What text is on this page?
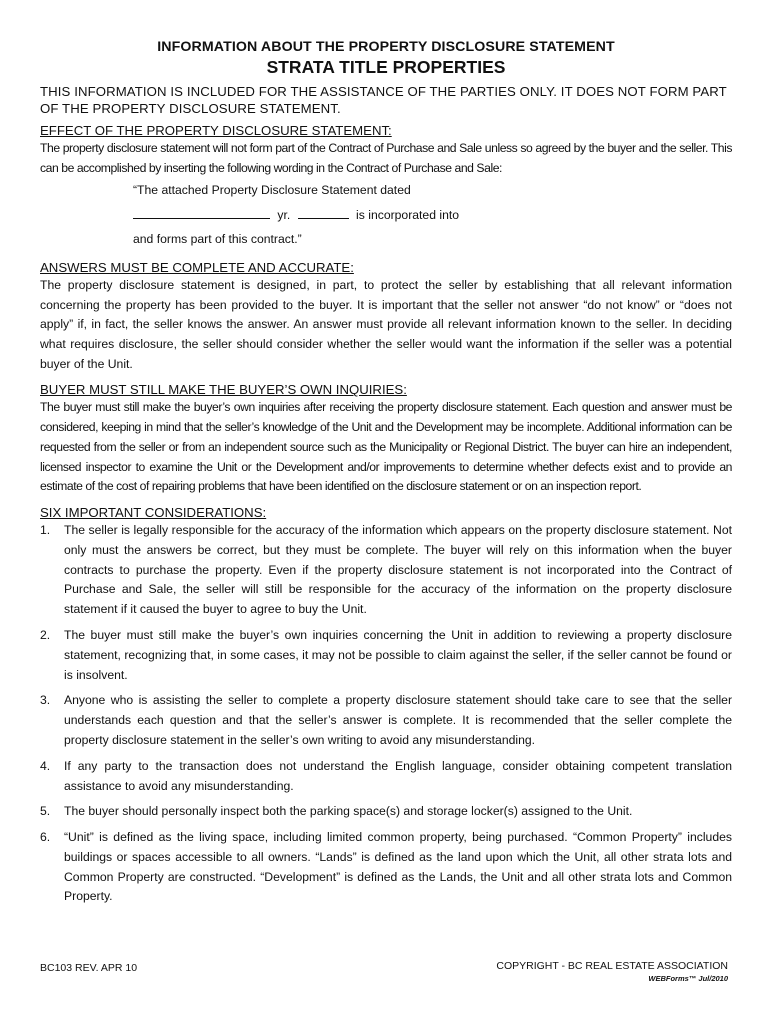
INFORMATION ABOUT THE PROPERTY DISCLOSURE STATEMENT
STRATA TITLE PROPERTIES

THIS INFORMATION IS INCLUDED FOR THE ASSISTANCE OF THE PARTIES ONLY. IT DOES NOT FORM PART OF THE PROPERTY DISCLOSURE STATEMENT.

EFFECT OF THE PROPERTY DISCLOSURE STATEMENT:

The property disclosure statement will not form part of the Contract of Purchase and Sale unless so agreed by the buyer and the seller. This can be accomplished by inserting the following wording in the Contract of Purchase and Sale:

“The attached Property Disclosure Statement dated
yr.	is incorporated into
and forms part of this contract.”

ANSWERS MUST BE COMPLETE AND ACCURATE:

The property disclosure statement is designed, in part, to protect the seller by establishing that all relevant information concerning the property has been provided to the buyer. It is important that the seller not answer “do not know” or “does not apply” if, in fact, the seller knows the answer. An answer must provide all relevant information known to the seller. In deciding what requires disclosure, the seller should consider whether the seller would want the information if the seller was a potential buyer of the Unit.

BUYER MUST STILL MAKE THE BUYER’S OWN INQUIRIES:

The buyer must still make the buyer’s own inquiries after receiving the property disclosure statement. Each question and answer must be considered, keeping in mind that the seller’s knowledge of the Unit and the Development may be incomplete. Additional information can be requested from the seller or from an independent source such as the Municipality or Regional District. The buyer can hire an independent, licensed inspector to examine the Unit or the Development and/or improvements to determine whether defects exist and to provide an estimate of the cost of repairing problems that have been identified on the disclosure statement or on an inspection report.

SIX IMPORTANT CONSIDERATIONS:

1.	The seller is legally responsible for the accuracy of the information which appears on the property disclosure statement. Not only must the answers be correct, but they must be complete. The buyer will rely on this information when the buyer contracts to purchase the property. Even if the property disclosure statement is not incorporated into the Contract of Purchase and Sale, the seller will still be responsible for the accuracy of the information on the property disclosure statement if it caused the buyer to agree to buy the Unit.
2.	The buyer must still make the buyer’s own inquiries concerning the Unit in addition to reviewing a property disclosure statement, recognizing that, in some cases, it may not be possible to claim against the seller, if the seller cannot be found or is insolvent.
3.	Anyone who is assisting the seller to complete a property disclosure statement should take care to see that the seller understands each question and that the seller’s answer is complete. It is recommended that the seller complete the property disclosure statement in the seller’s own writing to avoid any misunderstanding.
4.	If any party to the transaction does not understand the English language, consider obtaining competent translation assistance to avoid any misunderstanding.
5.	The buyer should personally inspect both the parking space(s) and storage locker(s) assigned to the Unit.
6.	“Unit” is defined as the living space, including limited common property, being purchased. “Common Property” includes buildings or spaces accessible to all owners. “Lands” is defined as the land upon which the Unit, all other strata lots and Common Property are constructed. “Development” is defined as the Lands, the Unit and all other strata lots and Common Property.
BC103 REV. APR 10	COPYRIGHT - BC REAL ESTATE ASSOCIATION
WEBForms™ Jul/2010
